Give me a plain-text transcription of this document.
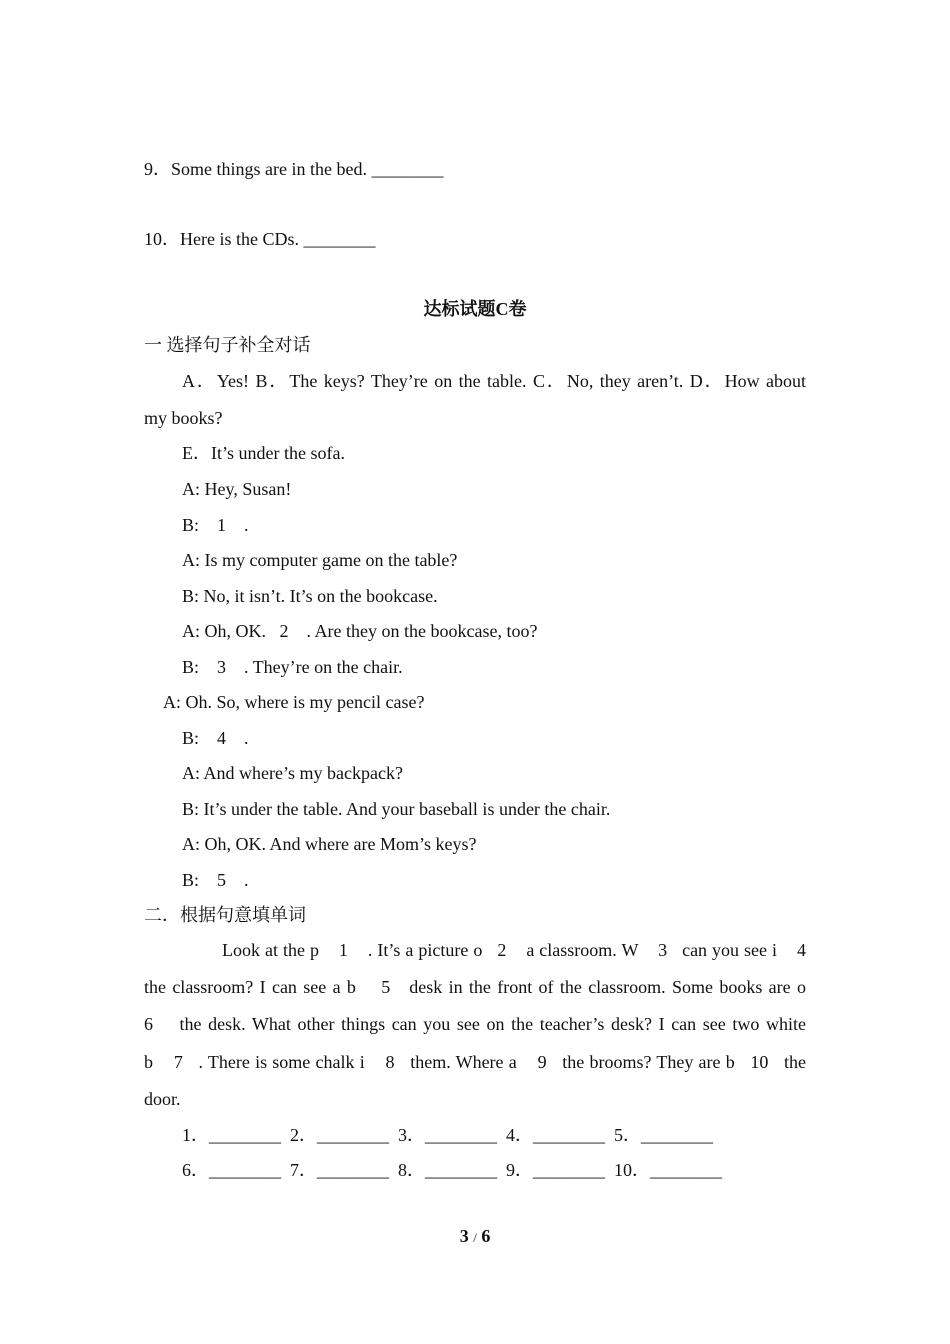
9．Some things are in the bed. ________
10．Here is the CDs. ________
达标试题C卷
一 选择句子补全对话
A．Yes! B．The keys? They’re on the table. C．No, they aren’t. D．How about
my books?
E．It’s under the sofa.
A: Hey, Susan!
B:    1    .
A: Is my computer game on the table?
B: No, it isn’t. It’s on the bookcase.
A: Oh, OK.   2    . Are they on the bookcase, too?
B:    3    . They’re on the chair.
A: Oh. So, where is my pencil case?
B:    4    .
A: And where’s my backpack?
B: It’s under the table. And your baseball is under the chair.
A: Oh, OK. And where are Mom’s keys?
B:    5    .
二．根据句意填单词
Look at the p    1    . It’s a picture o   2    a classroom. W    3   can you see i    4
the classroom? I can see a b    5   desk in the front of the classroom. Some books are o
6    the desk. What other things can you see on the teacher’s desk? I can see two white
b    7   . There is some chalk i    8   them. Where a    9   the brooms? They are b   10   the
door.
1．________  2．________  3．________  4．________  5．________
6．________  7．________  8．________  9．________  10．________
3 / 6
